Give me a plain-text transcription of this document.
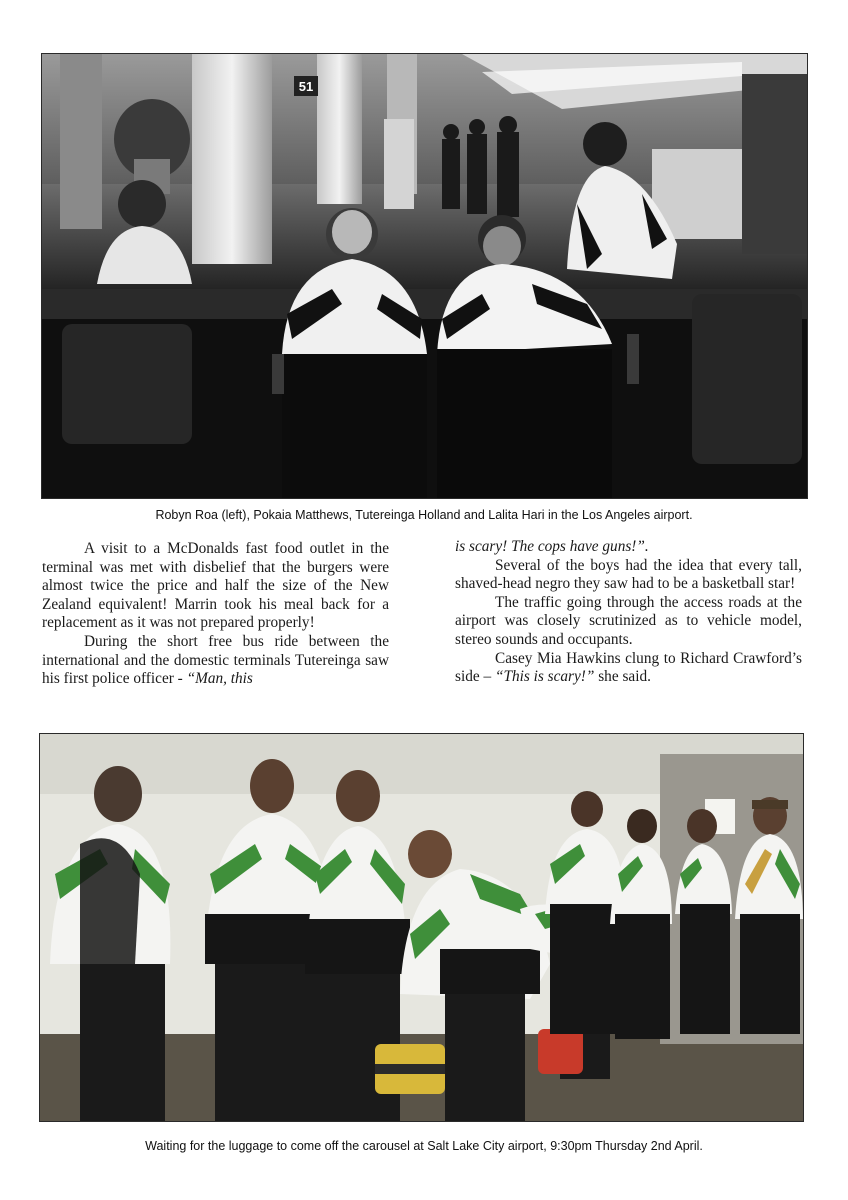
51
Robyn Roa (left), Pokaia Matthews, Tutereinga Holland and Lalita Hari in the Los Angeles airport.

A visit to a McDonalds fast food outlet in the terminal was met with disbelief that the burgers were almost twice the price and half the size of the New Zealand equivalent! Marrin took his meal back for a replacement as it was not prepared properly!

During the short free bus ride between the international and the domestic terminals Tutereinga saw his first police officer - “Man, this

is scary! The cops have guns!”.

Several of the boys had the idea that every tall, shaved-head negro they saw had to be a basketball star!

The traffic going through the access roads at the airport was closely scrutinized as to vehicle model, stereo sounds and occupants.

Casey Mia Hawkins clung to Richard Crawford’s side – “This is scary!” she said.

Waiting for the luggage to come off the carousel at Salt Lake City airport, 9:30pm Thursday 2nd April.
